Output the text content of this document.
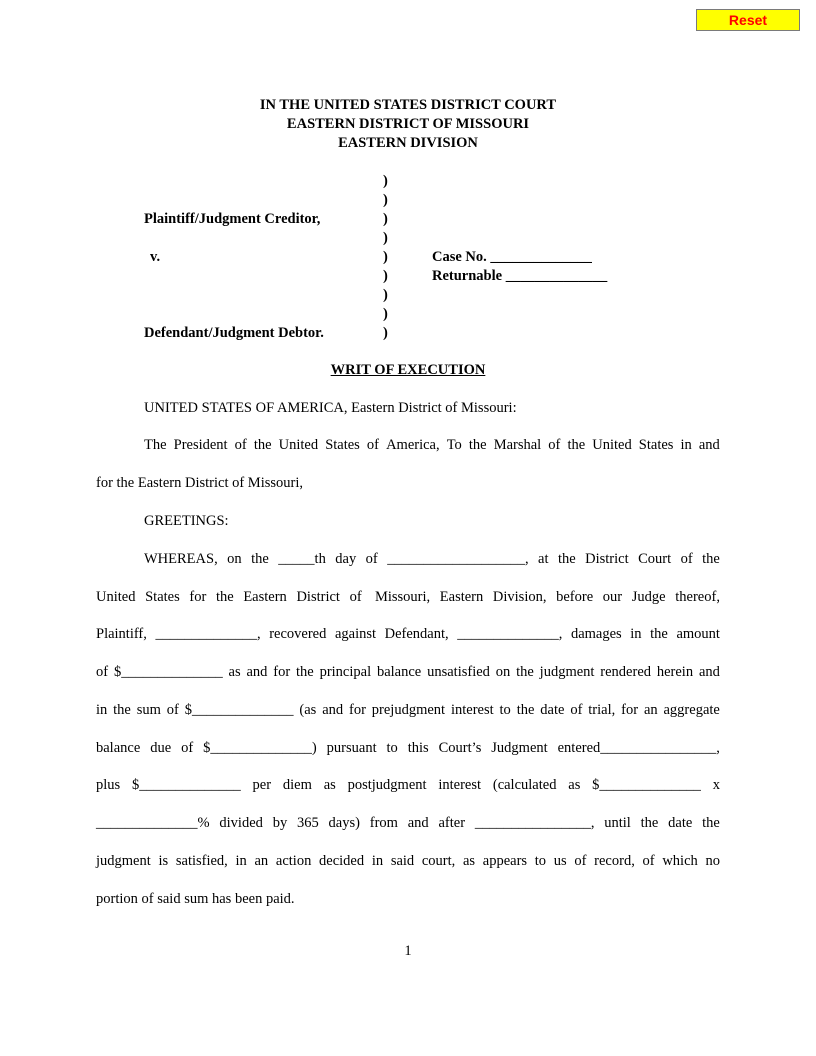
Reset
IN THE UNITED STATES DISTRICT COURT
EASTERN DISTRICT OF MISSOURI
EASTERN DIVISION
)
)
)
)
)
)
)
)
)
Plaintiff/Judgment Creditor,
v.
Defendant/Judgment Debtor.
Case No. ______________
Returnable ______________
WRIT OF EXECUTION
UNITED STATES OF AMERICA, Eastern District of Missouri:
The President of the United States of America, To the Marshal of the United States in and
for the Eastern District of Missouri,
GREETINGS:
WHEREAS, on the _____th day of ___________________, at the District Court of the
United States for the Eastern District of Missouri, Eastern Division, before our Judge thereof,
Plaintiff, ______________, recovered against Defendant, ______________, damages in the amount
of $______________ as and for the principal balance unsatisfied on the judgment rendered herein and
in the sum of $______________ (as and for prejudgment interest to the date of trial, for an aggregate
balance due of $______________) pursuant to this Court’s Judgment entered________________,
plus $______________ per diem as postjudgment interest (calculated as $______________ x
______________% divided by 365 days) from and after ________________, until the date the
judgment is satisfied, in an action decided in said court, as appears to us of record, of which no
portion of said sum has been paid.
1
